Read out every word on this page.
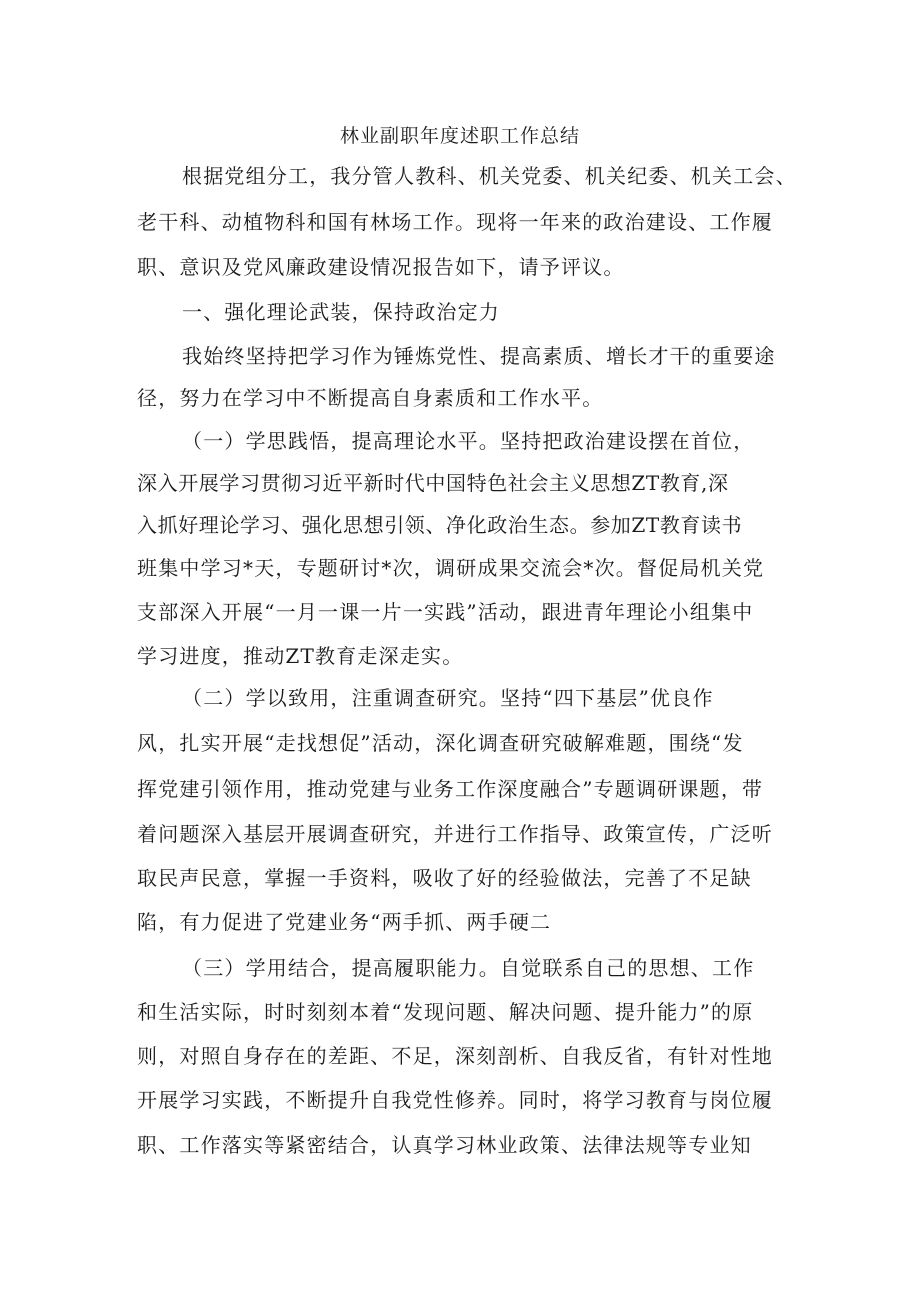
林业副职年度述职工作总结

根据党组分工，我分管人教科、机关党委、机关纪委、机关工会、

老干科、动植物科和国有林场工作。现将一年来的政治建设、工作履

职、意识及党风廉政建设情况报告如下，请予评议。

一、强化理论武装，保持政治定力

我始终坚持把学习作为锤炼党性、提高素质、增长才干的重要途

径，努力在学习中不断提高自身素质和工作水平。

（一）学思践悟，提高理论水平。坚持把政治建设摆在首位，

深入开展学习贯彻习近平新时代中国特色社会主义思想ZT教育,深

入抓好理论学习、强化思想引领、净化政治生态。参加ZT教育读书

班集中学习*天，专题研讨*次，调研成果交流会*次。督促局机关党

支部深入开展“一月一课一片一实践”活动，跟进青年理论小组集中

学习进度，推动ZT教育走深走实。

（二）学以致用，注重调查研究。坚持“四下基层”优良作

风，扎实开展“走找想促”活动，深化调查研究破解难题，围绕“发

挥党建引领作用，推动党建与业务工作深度融合”专题调研课题，带

着问题深入基层开展调查研究，并进行工作指导、政策宣传，广泛听

取民声民意，掌握一手资料，吸收了好的经验做法，完善了不足缺

陷，有力促进了党建业务“两手抓、两手硬二

（三）学用结合，提高履职能力。自觉联系自己的思想、工作

和生活实际，时时刻刻本着“发现问题、解决问题、提升能力”的原

则，对照自身存在的差距、不足，深刻剖析、自我反省，有针对性地

开展学习实践，不断提升自我党性修养。同时，将学习教育与岗位履

职、工作落实等紧密结合，认真学习林业政策、法律法规等专业知
